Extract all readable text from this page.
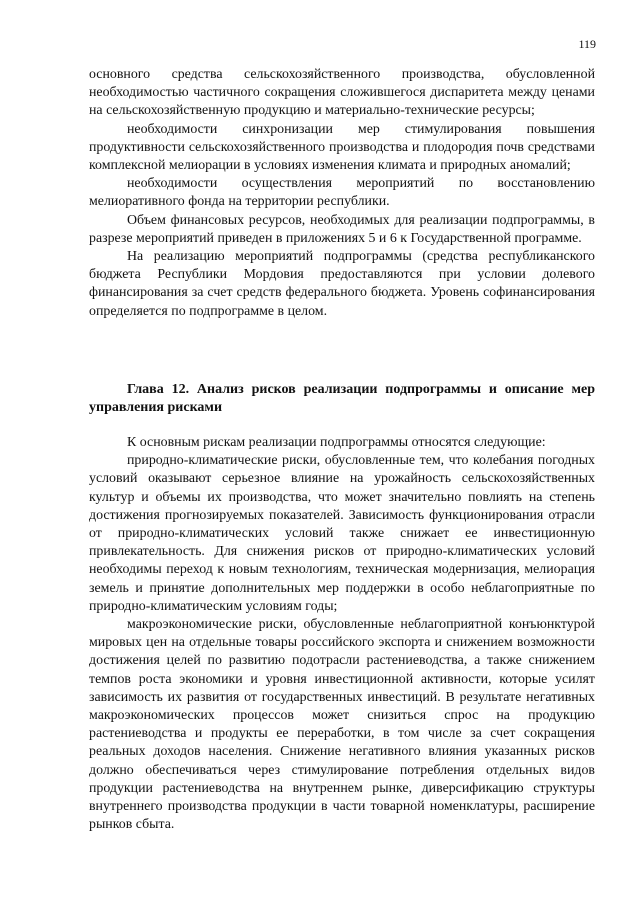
119

основного средства сельскохозяйственного производства, обусловленной необходимостью частичного сокращения сложившегося диспаритета между ценами на сельскохозяйственную продукцию и материально-технические ресурсы;

необходимости синхронизации мер стимулирования повышения продуктивности сельскохозяйственного производства и плодородия почв средствами комплексной мелиорации в условиях изменения климата и природных аномалий;

необходимости осуществления мероприятий по восстановлению мелиоративного фонда на территории республики.

Объем финансовых ресурсов, необходимых для реализации подпрограммы, в разрезе мероприятий приведен в приложениях 5 и 6 к Государственной программе.

На реализацию мероприятий подпрограммы (средства республиканского бюджета Республики Мордовия предоставляются при условии долевого финансирования за счет средств федерального бюджета. Уровень софинансирования определяется по подпрограмме в целом.

Глава 12. Анализ рисков реализации подпрограммы и описание мер управления рисками

К основным рискам реализации подпрограммы относятся следующие:

природно-климатические риски, обусловленные тем, что колебания погодных условий оказывают серьезное влияние на урожайность сельскохозяйственных культур и объемы их производства, что может значительно повлиять на степень достижения прогнозируемых показателей. Зависимость функционирования отрасли от природно-климатических условий также снижает ее инвестиционную привлекательность. Для снижения рисков от природно-климатических условий необходимы переход к новым технологиям, техническая модернизация, мелиорация земель и принятие дополнительных мер поддержки в особо неблагоприятные по природно-климатическим условиям годы;

макроэкономические риски, обусловленные неблагоприятной конъюнктурой мировых цен на отдельные товары российского экспорта и снижением возможности достижения целей по развитию подотрасли растениеводства, а также снижением темпов роста экономики и уровня инвестиционной активности, которые усилят зависимость их развития от государственных инвестиций. В результате негативных макроэкономических процессов может снизиться спрос на продукцию растениеводства и продукты ее переработки, в том числе за счет сокращения реальных доходов населения. Снижение негативного влияния указанных рисков должно обеспечиваться через стимулирование потребления отдельных видов продукции растениеводства на внутреннем рынке, диверсификацию структуры внутреннего производства продукции в части товарной номенклатуры, расширение рынков сбыта.
